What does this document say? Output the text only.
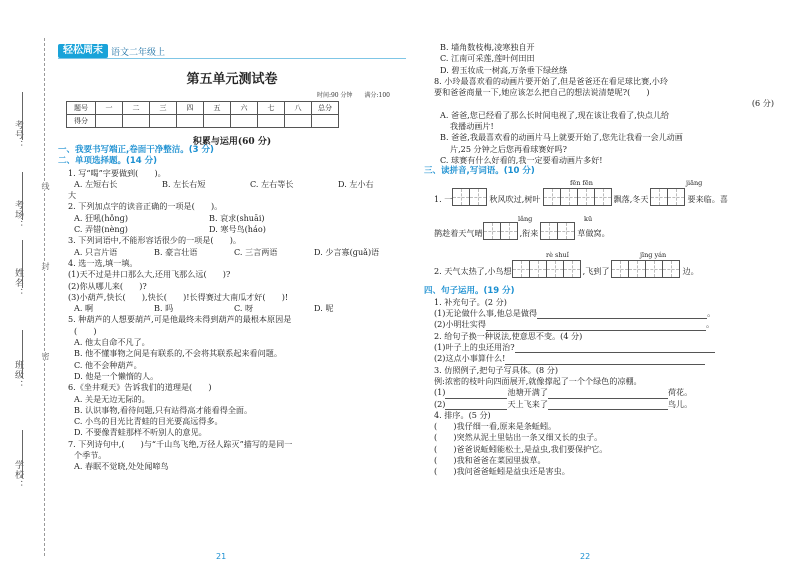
考号：
考场：
姓名：
班级：
学校：
线
封
密
轻松周末 语文二年级上
第五单元测试卷
时间:90 分钟　　满分:100
题号	一	二	三	四	五	六	七	八	总分
得分									
积累与运用(60 分)
一、我要书写端正,卷面干净整洁。(3 分)
二、单项选择题。(14 分)
1. 写“喝”字要做到(　　)。
A. 左短右长	B. 左长右短	C. 左右等长	D. 左小右
大
2. 下列加点字的读音正确的一项是(　　)。
A. 狂吼(hǒnɡ)	B. 哀求(shuāi)
C. 弄错(nènɡ)	D. 寒号鸟(háo)
3. 下列词语中,不能形容话很少的一项是(　　)。
A. 只言片语	B. 豪言壮语	C. 三言两语	D. 少言寡(ɡuǎ)语
4. 选一选,填一填。
(1)天不过是井口那么大,还用飞那么远(　　)?
(2)你从哪儿来(　　)?
(3)小葫芦,快长(　　),快长(　　)!长得赛过大南瓜才好(　　)!
A. 啊	B. 吗	C. 呀	D. 呢
5. 种葫芦的人想要葫芦,可是他最终未得到葫芦的最根本原因是
(　　)
A. 他太自命不凡了。
B. 他不懂事物之间是有联系的,不会将其联系起来看问题。
C. 他不会种葫芦。
D. 他是一个懒惰的人。
6.《坐井观天》告诉我们的道理是(　　)
A. 关是无边无际的。
B. 认识事物,看待问题,只有站得高才能看得全面。
C. 小鸟的目光比青蛙的目光要高远得多。
D. 不要像青蛙那样不听别人的意见。
7. 下列诗句中,(　　)与“千山鸟飞绝,万径人踪灭”描写的是同一
个季节。
A. 春眠不觉晓,处处闻啼鸟
21
B. 墙角数枝梅,凌寒独自开
C. 江南可采莲,莲叶何田田
D. 碧玉妆成一树高,万条垂下绿丝绦
8. 小玲最喜欢看的动画片要开始了,但是爸爸还在看足球比赛,小玲
要和爸爸商量一下,她应该怎么把自己的想法说清楚呢?(　　)
(6 分)
A. 爸爸,您已经看了那么长时间电视了,现在该让我看了,快点儿给
我播动画片!
B. 爸爸,我最喜欢看的动画片马上就要开始了,您先让我看一会儿动画
片,25 分钟之后您再看球赛好吗?
C. 球赛有什么好看的,我一定要看动画片多好!
三、读拼音,写词语。(10 分)
fēn fēn	jiānɡ
1. 一	秋风吹过,树叶	飘落,冬天	要来临。喜
lǎnɡ	kū
鹊趁着天气晴	,衔来	草做窝。
rè shuǐ	jīnɡ yán
2. 天气太热了,小鸟想	,飞到了	边。
四、句子运用。(19 分)
1. 补充句子。(2 分)
(1)无论做什么事,他总是做得	。
(2)小明壮实得	。
2. 给句子换一种说法,使意思不变。(4 分)
(1)叶子上的虫还用治?
(2)这点小事算什么!
3. 仿照例子,把句子写具体。(8 分)
例:浓密的枝叶向四面展开,就像撑起了一个个绿色的凉棚。
(1)	池塘开满了	荷花。
(2)	天上飞来了	鸟儿。
4. 排序。(5 分)
(　　)我仔细一看,原来是条蚯蚓。
(　　)突然从泥土里钻出一条又细又长的虫子。
(　　)爸爸说蚯蚓能松土,是益虫,我们要保护它。
(　　)我和爸爸在菜园里拔草。
(　　)我问爸爸蚯蚓是益虫还是害虫。
22
